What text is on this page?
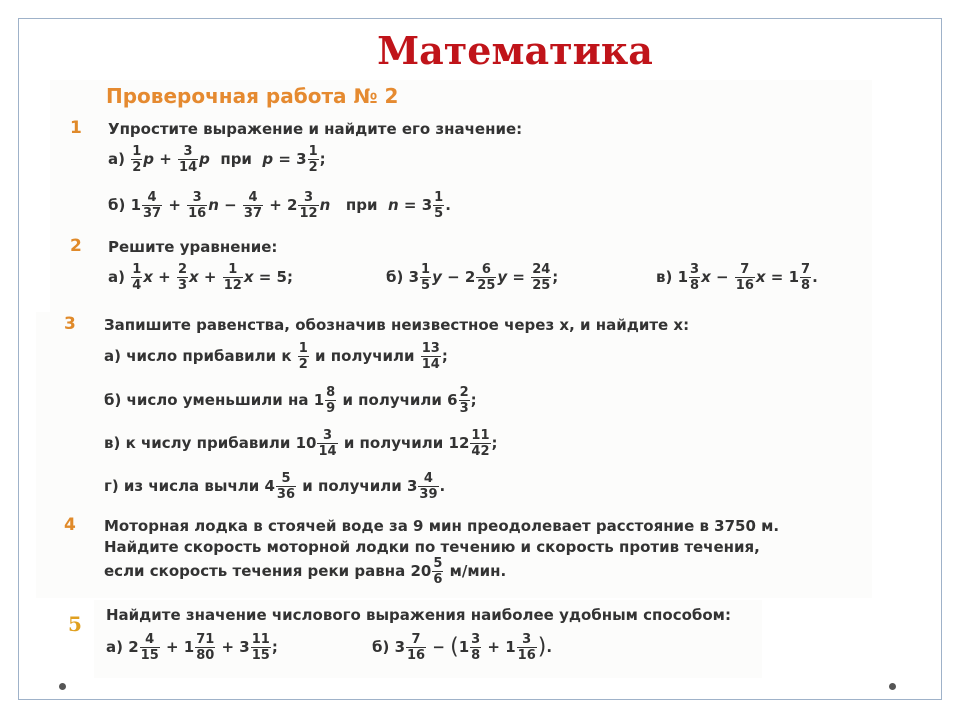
Математика
Проверочная работа № 2
1 Упростите выражение и найдите его значение:
$а) \frac{1}{2}$ $p + \frac{3}{14}$ p при $p = 3 \frac{1}{2}$ ;
б) $1 \frac{4}{37} + \frac{3}{16}$ $n - \frac{4}{37} + 2 \frac{3}{12}$ n при $n = 3 \frac{1}{5}$ .
2 Решите уравнение:
$а) \frac{1}{4}$ $x + \frac{2}{3}$ $x + \frac{1}{12}$ x = 5;	б) $3 \frac{1}{5}$ $y - 2 \frac{6}{25}$ $y = \frac{24}{25}$ ;	в) $1 \frac{3}{8}$ $x - \frac{7}{16}$ $x = 1 \frac{7}{8}$ .
3 Запишите равенства, обозначив неизвестное через x, и найдите x:
а) число прибавили к $\frac{1}{2}$ и получили $\frac{13}{14}$ ;
б) число уменьшили на $1 \frac{8}{9}$ и получили $6 \frac{2}{3}$ ;
в) к числу прибавили $10 \frac{3}{14}$ и получили $12 \frac{11}{42}$ ;
г) из числа вычли $4 \frac{5}{36}$ и получили $3 \frac{4}{39}$ .
4 Моторная лодка в стоячей воде за 9 мин преодолевает расстояние в 3750 м.
Найдите скорость моторной лодки по течению и скорость против течения,
если скорость течения реки равна $20 \frac{5}{6} м/мин$.
5 Найдите значение числового выражения наиболее удобным способом:
а) $2 \frac{4}{15} + 1 \frac{71}{80} + 3 \frac{11}{15}$ ;	б) $3 \frac{7}{16} - (1 \frac{3}{8} + 1 \frac{3}{16}$ ).
